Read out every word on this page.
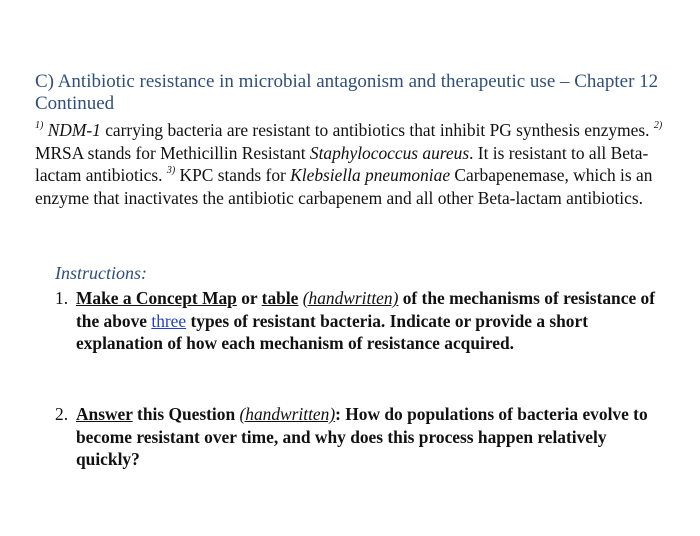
C) Antibiotic resistance in microbial antagonism and therapeutic use – Chapter 12 Continued

$^{1)}$ NDM-1 carrying bacteria are resistant to antibiotics that inhibit PG synthesis enzymes. $^{2)}$ MRSA stands for Methicillin Resistant Staphylococcus aureus. It is resistant to all Beta-lactam antibiotics. $^{3)}$ KPC stands for Klebsiella pneumoniae Carbapenemase, which is an enzyme that inactivates the antibiotic carbapenem and all other Beta-lactam antibiotics.

Instructions:
1. Make a Concept Map or table (handwritten) of the mechanisms of resistance of the above three types of resistant bacteria. Indicate or provide a short explanation of how each mechanism of resistance acquired.
2. Answer this Question (handwritten): How do populations of bacteria evolve to become resistant over time, and why does this process happen relatively quickly?
